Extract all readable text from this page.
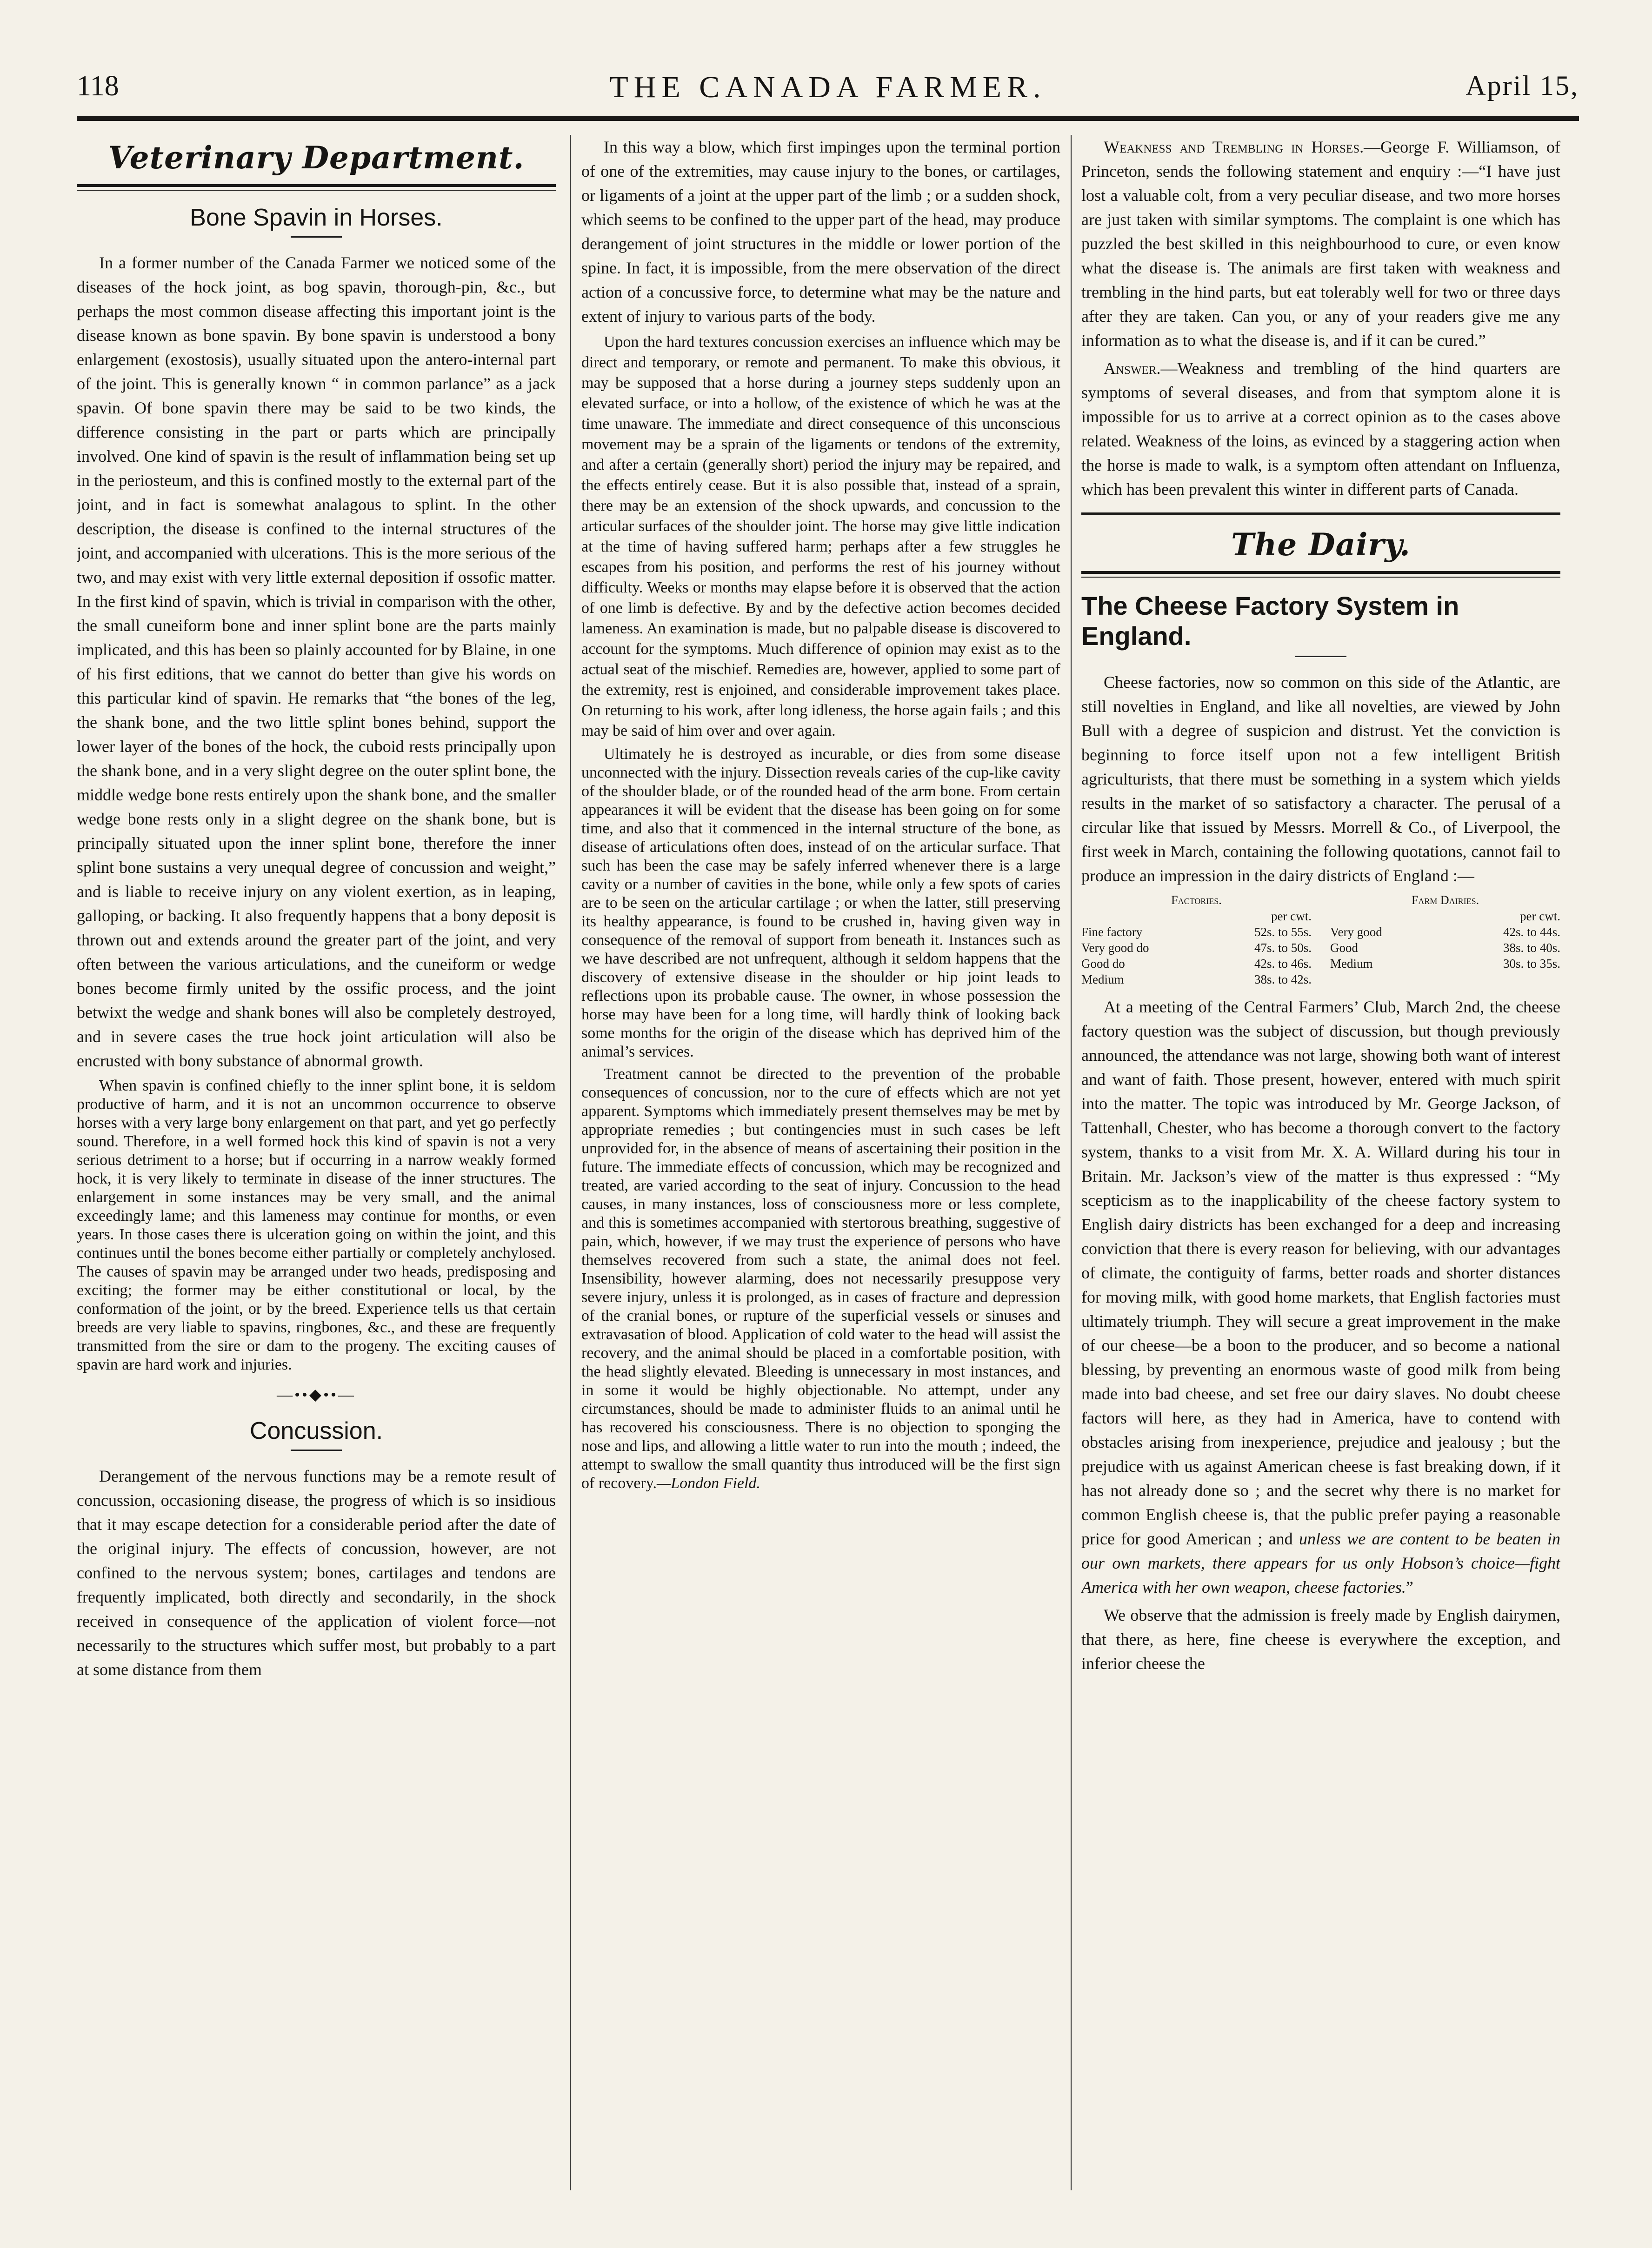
118	THE CANADA FARMER.	April 15,
Veterinary Department.
Bone Spavin in Horses.

In a former number of the Canada Farmer we noticed some of the diseases of the hock joint, as bog spavin, thorough-pin, &c., but perhaps the most common disease affecting this important joint is the disease known as bone spavin. By bone spavin is understood a bony enlargement (exostosis), usually situated upon the antero-internal part of the joint. This is generally known “ in common parlance” as a jack spavin. Of bone spavin there may be said to be two kinds, the difference consisting in the part or parts which are principally involved. One kind of spavin is the result of inflammation being set up in the periosteum, and this is confined mostly to the external part of the joint, and in fact is somewhat analagous to splint. In the other description, the disease is confined to the internal structures of the joint, and accompanied with ulcerations. This is the more serious of the two, and may exist with very little external deposition if ossofic matter. In the first kind of spavin, which is trivial in comparison with the other, the small cuneiform bone and inner splint bone are the parts mainly implicated, and this has been so plainly accounted for by Blaine, in one of his first editions, that we cannot do better than give his words on this particular kind of spavin. He remarks that “the bones of the leg, the shank bone, and the two little splint bones behind, support the lower layer of the bones of the hock, the cuboid rests principally upon the shank bone, and in a very slight degree on the outer splint bone, the middle wedge bone rests entirely upon the shank bone, and the smaller wedge bone rests only in a slight degree on the shank bone, but is principally situated upon the inner splint bone, therefore the inner splint bone sustains a very unequal degree of concussion and weight,” and is liable to receive injury on any violent exertion, as in leaping, galloping, or backing. It also frequently happens that a bony deposit is thrown out and extends around the greater part of the joint, and very often between the various articulations, and the cuneiform or wedge bones become firmly united by the ossific process, and the joint betwixt the wedge and shank bones will also be completely destroyed, and in severe cases the true hock joint articulation will also be encrusted with bony substance of abnormal growth.

When spavin is confined chiefly to the inner splint bone, it is seldom productive of harm, and it is not an uncommon occurrence to observe horses with a very large bony enlargement on that part, and yet go perfectly sound. Therefore, in a well formed hock this kind of spavin is not a very serious detriment to a horse; but if occurring in a narrow weakly formed hock, it is very likely to terminate in disease of the inner structures. The enlargement in some instances may be very small, and the animal exceedingly lame; and this lameness may continue for months, or even years. In those cases there is ulceration going on within the joint, and this continues until the bones become either partially or completely anchylosed. The causes of spavin may be arranged under two heads, predisposing and exciting; the former may be either constitutional or local, by the conformation of the joint, or by the breed. Experience tells us that certain breeds are very liable to spavins, ringbones, &c., and these are frequently transmitted from the sire or dam to the progeny. The exciting causes of spavin are hard work and injuries.

—••◆••—
Concussion.

Derangement of the nervous functions may be a remote result of concussion, occasioning disease, the progress of which is so insidious that it may escape detection for a considerable period after the date of the original injury. The effects of concussion, however, are not confined to the nervous system; bones, cartilages and tendons are frequently implicated, both directly and secondarily, in the shock received in consequence of the application of violent force—not necessarily to the structures which suffer most, but probably to a part at some distance from them

In this way a blow, which first impinges upon the terminal portion of one of the extremities, may cause injury to the bones, or cartilages, or ligaments of a joint at the upper part of the limb ; or a sudden shock, which seems to be confined to the upper part of the head, may produce derangement of joint structures in the middle or lower portion of the spine. In fact, it is impossible, from the mere observation of the direct action of a concussive force, to determine what may be the nature and extent of injury to various parts of the body.

Upon the hard textures concussion exercises an influence which may be direct and temporary, or remote and permanent. To make this obvious, it may be supposed that a horse during a journey steps suddenly upon an elevated surface, or into a hollow, of the existence of which he was at the time unaware. The immediate and direct consequence of this unconscious movement may be a sprain of the ligaments or tendons of the extremity, and after a certain (generally short) period the injury may be repaired, and the effects entirely cease. But it is also possible that, instead of a sprain, there may be an extension of the shock upwards, and concussion to the articular surfaces of the shoulder joint. The horse may give little indication at the time of having suffered harm; perhaps after a few struggles he escapes from his position, and performs the rest of his journey without difficulty. Weeks or months may elapse before it is observed that the action of one limb is defective. By and by the defective action becomes decided lameness. An examination is made, but no palpable disease is discovered to account for the symptoms. Much difference of opinion may exist as to the actual seat of the mischief. Remedies are, however, applied to some part of the extremity, rest is enjoined, and considerable improvement takes place. On returning to his work, after long idleness, the horse again fails ; and this may be said of him over and over again.

Ultimately he is destroyed as incurable, or dies from some disease unconnected with the injury. Dissection reveals caries of the cup-like cavity of the shoulder blade, or of the rounded head of the arm bone. From certain appearances it will be evident that the disease has been going on for some time, and also that it commenced in the internal structure of the bone, as disease of articulations often does, instead of on the articular surface. That such has been the case may be safely inferred whenever there is a large cavity or a number of cavities in the bone, while only a few spots of caries are to be seen on the articular cartilage ; or when the latter, still preserving its healthy appearance, is found to be crushed in, having given way in consequence of the removal of support from beneath it. Instances such as we have described are not unfrequent, although it seldom happens that the discovery of extensive disease in the shoulder or hip joint leads to reflections upon its probable cause. The owner, in whose possession the horse may have been for a long time, will hardly think of looking back some months for the origin of the disease which has deprived him of the animal’s services.

Treatment cannot be directed to the prevention of the probable consequences of concussion, nor to the cure of effects which are not yet apparent. Symptoms which immediately present themselves may be met by appropriate remedies ; but contingencies must in such cases be left unprovided for, in the absence of means of ascertaining their position in the future. The immediate effects of concussion, which may be recognized and treated, are varied according to the seat of injury. Concussion to the head causes, in many instances, loss of consciousness more or less complete, and this is sometimes accompanied with stertorous breathing, suggestive of pain, which, however, if we may trust the experience of persons who have themselves recovered from such a state, the animal does not feel. Insensibility, however alarming, does not necessarily presuppose very severe injury, unless it is prolonged, as in cases of fracture and depression of the cranial bones, or rupture of the superficial vessels or sinuses and extravasation of blood. Application of cold water to the head will assist the recovery, and the animal should be placed in a comfortable position, with the head slightly elevated. Bleeding is unnecessary in most instances, and in some it would be highly objectionable. No attempt, under any circumstances, should be made to administer fluids to an animal until he has recovered his consciousness. There is no objection to sponging the nose and lips, and allowing a little water to run into the mouth ; indeed, the attempt to swallow the small quantity thus introduced will be the first sign of recovery.—London Field.

Weakness and Trembling in Horses.—George F. Williamson, of Princeton, sends the following statement and enquiry :—“I have just lost a valuable colt, from a very peculiar disease, and two more horses are just taken with similar symptoms. The complaint is one which has puzzled the best skilled in this neighbourhood to cure, or even know what the disease is. The animals are first taken with weakness and trembling in the hind parts, but eat tolerably well for two or three days after they are taken. Can you, or any of your readers give me any information as to what the disease is, and if it can be cured.”

Answer.—Weakness and trembling of the hind quarters are symptoms of several diseases, and from that symptom alone it is impossible for us to arrive at a correct opinion as to the cases above related. Weakness of the loins, as evinced by a staggering action when the horse is made to walk, is a symptom often attendant on Influenza, which has been prevalent this winter in different parts of Canada.

The Dairy.
The Cheese Factory System in England.

Cheese factories, now so common on this side of the Atlantic, are still novelties in England, and like all novelties, are viewed by John Bull with a degree of suspicion and distrust. Yet the conviction is beginning to force itself upon not a few intelligent British agriculturists, that there must be something in a system which yields results in the market of so satisfactory a character. The perusal of a circular like that issued by Messrs. Morrell & Co., of Liverpool, the first week in March, containing the following quotations, cannot fail to produce an impression in the dairy districts of England :—

Factories.
per cwt.
Fine factory	52s. to 55s.
Very good do	47s. to 50s.
Good do	42s. to 46s.
Medium	38s. to 42s.
Farm Dairies.
per cwt.
Very good	42s. to 44s.
Good	38s. to 40s.
Medium	30s. to 35s.

At a meeting of the Central Farmers’ Club, March 2nd, the cheese factory question was the subject of discussion, but though previously announced, the attendance was not large, showing both want of interest and want of faith. Those present, however, entered with much spirit into the matter. The topic was introduced by Mr. George Jackson, of Tattenhall, Chester, who has become a thorough convert to the factory system, thanks to a visit from Mr. X. A. Willard during his tour in Britain. Mr. Jackson’s view of the matter is thus expressed : “My scepticism as to the inapplicability of the cheese factory system to English dairy districts has been exchanged for a deep and increasing conviction that there is every reason for believing, with our advantages of climate, the contiguity of farms, better roads and shorter distances for moving milk, with good home markets, that English factories must ultimately triumph. They will secure a great improvement in the make of our cheese—be a boon to the producer, and so become a national blessing, by preventing an enormous waste of good milk from being made into bad cheese, and set free our dairy slaves. No doubt cheese factors will here, as they had in America, have to contend with obstacles arising from inexperience, prejudice and jealousy ; but the prejudice with us against American cheese is fast breaking down, if it has not already done so ; and the secret why there is no market for common English cheese is, that the public prefer paying a reasonable price for good American ; and unless we are content to be beaten in our own markets, there appears for us only Hobson’s choice—fight America with her own weapon, cheese factories.”

We observe that the admission is freely made by English dairymen, that there, as here, fine cheese is everywhere the exception, and inferior cheese the
